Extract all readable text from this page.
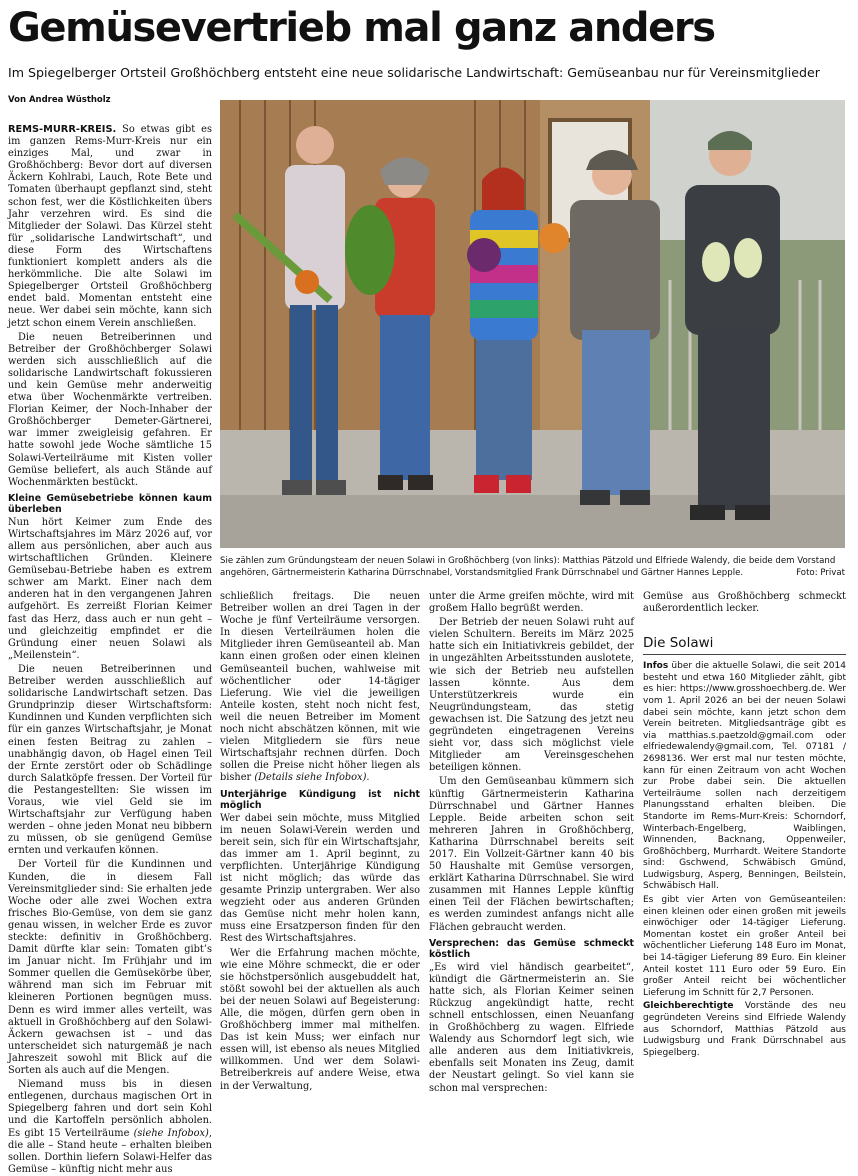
Gemüsevertrieb mal ganz anders

Im Spiegelberger Ortsteil Großhöchberg entsteht eine neue solidarische Landwirtschaft: Gemüseanbau nur für Vereinsmitglieder

Von Andrea Wüstholz

REMS-MURR-KREIS. So etwas gibt es im ganzen Rems-Murr-Kreis nur ein einziges Mal, und zwar in Großhöchberg: Bevor dort auf diversen Äckern Kohlrabi, Lauch, Rote Bete und Tomaten überhaupt gepflanzt sind, steht schon fest, wer die Köstlichkeiten übers Jahr verzehren wird. Es sind die Mitglieder der Solawi. Das Kürzel steht für „solidarische Landwirtschaft“, und diese Form des Wirtschaftens funktioniert komplett anders als die herkömmliche. Die alte Solawi im Spiegelberger Ortsteil Großhöchberg endet bald. Momentan entsteht eine neue. Wer dabei sein möchte, kann sich jetzt schon einem Verein anschließen.

Die neuen Betreiberinnen und Betreiber der Großhöchberger Solawi werden sich ausschließlich auf die solidarische Landwirtschaft fokussieren und kein Gemüse mehr anderweitig etwa über Wochenmärkte vertreiben. Florian Keimer, der Noch-Inhaber der Großhöchberger Demeter-Gärtnerei, war immer zweigleisig gefahren. Er hatte sowohl jede Woche sämtliche 15 Solawi-Verteilräume mit Kisten voller Gemüse beliefert, als auch Stände auf Wochenmärkten bestückt.

Kleine Gemüsebetriebe können kaum überleben

Nun hört Keimer zum Ende des Wirtschaftsjahres im März 2026 auf, vor allem aus persönlichen, aber auch aus wirtschaftlichen Gründen. Kleinere Gemüsebau-Betriebe haben es extrem schwer am Markt. Einer nach dem anderen hat in den vergangenen Jahren aufgehört. Es zerreißt Florian Keimer fast das Herz, dass auch er nun geht – und gleichzeitig empfindet er die Gründung einer neuen Solawi als „Meilenstein“.

Die neuen Betreiberinnen und Betreiber werden ausschließlich auf solidarische Landwirtschaft setzen. Das Grundprinzip dieser Wirtschaftsform: Kundinnen und Kunden verpflichten sich für ein ganzes Wirtschaftsjahr, je Monat einen festen Beitrag zu zahlen – unabhängig davon, ob Hagel einen Teil der Ernte zerstört oder ob Schädlinge durch Salatköpfe fressen. Der Vorteil für die Pestangestellten: Sie wissen im Voraus, wie viel Geld sie im Wirtschaftsjahr zur Verfügung haben werden – ohne jeden Monat neu bibbern zu müssen, ob sie genügend Gemüse ernten und verkaufen können.

Der Vorteil für die Kundinnen und Kunden, die in diesem Fall Vereinsmitglieder sind: Sie erhalten jede Woche oder alle zwei Wochen extra frisches Bio-Gemüse, von dem sie ganz genau wissen, in welcher Erde es zuvor steckte: definitiv in Großhöchberg. Damit dürfte klar sein: Tomaten gibt’s im Januar nicht. Im Frühjahr und im Sommer quellen die Gemüsekörbe über, während man sich im Februar mit kleineren Portionen begnügen muss. Denn es wird immer alles verteilt, was aktuell in Großhöchberg auf den Solawi-Äckern gewachsen ist – und das unterscheidet sich naturgemäß je nach Jahreszeit sowohl mit Blick auf die Sorten als auch auf die Mengen.

Niemand muss bis in diesen entlegenen, durchaus magischen Ort in Spiegelberg fahren und dort sein Kohl und die Kartoffeln persönlich abholen. Es gibt 15 Verteilräume (siehe Infobox), die alle – Stand heute – erhalten bleiben sollen. Dorthin liefern Solawi-Helfer das Gemüse – künftig nicht mehr aus

Sie zählen zum Gründungsteam der neuen Solawi in Großhöchberg (von links): Matthias Pätzold und Elfriede Walendy, die beide dem Vorstand angehören, Gärtnermeisterin Katharina Dürrschnabel, Vorstandsmitglied Frank Dürrschnabel und Gärtner Hannes Lepple.	Foto: Privat

schließlich freitags. Die neuen Betreiber wollen an drei Tagen in der Woche je fünf Verteilräume versorgen. In diesen Verteilräumen holen die Mitglieder ihren Gemüseanteil ab. Man kann einen großen oder einen kleinen Gemüseanteil buchen, wahlweise mit wöchentlicher oder 14-tägiger Lieferung. Wie viel die jeweiligen Anteile kosten, steht noch nicht fest, weil die neuen Betreiber im Moment noch nicht abschätzen können, mit wie vielen Mitgliedern sie fürs neue Wirtschaftsjahr rechnen dürfen. Doch sollen die Preise nicht höher liegen als bisher (Details siehe Infobox).

Unterjährige Kündigung ist nicht möglich

Wer dabei sein möchte, muss Mitglied im neuen Solawi-Verein werden und bereit sein, sich für ein Wirtschaftsjahr, das immer am 1. April beginnt, zu verpflichten. Unterjährige Kündigung ist nicht möglich; das würde das gesamte Prinzip untergraben. Wer also wegzieht oder aus anderen Gründen das Gemüse nicht mehr holen kann, muss eine Ersatzperson finden für den Rest des Wirtschaftsjahres.

Wer die Erfahrung machen möchte, wie eine Möhre schmeckt, die er oder sie höchstpersönlich ausgebuddelt hat, stößt sowohl bei der aktuellen als auch bei der neuen Solawi auf Begeisterung: Alle, die mögen, dürfen gern oben in Großhöchberg immer mal mithelfen. Das ist kein Muss; wer einfach nur essen will, ist ebenso als neues Mitglied willkommen. Und wer dem Solawi-Betreiberkreis auf andere Weise, etwa in der Verwaltung,

unter die Arme greifen möchte, wird mit großem Hallo begrüßt werden.

Der Betrieb der neuen Solawi ruht auf vielen Schultern. Bereits im März 2025 hatte sich ein Initiativkreis gebildet, der in ungezählten Arbeitsstunden auslotete, wie sich der Betrieb neu aufstellen lassen könnte. Aus dem Unterstützerkreis wurde ein Neugründungsteam, das stetig gewachsen ist. Die Satzung des jetzt neu gegründeten eingetragenen Vereins sieht vor, dass sich möglichst viele Mitglieder am Vereinsgeschehen beteiligen können.

Um den Gemüseanbau kümmern sich künftig Gärtnermeisterin Katharina Dürrschnabel und Gärtner Hannes Lepple. Beide arbeiten schon seit mehreren Jahren in Großhöchberg, Katharina Dürrschnabel bereits seit 2017. Ein Vollzeit-Gärtner kann 40 bis 50 Haushalte mit Gemüse versorgen, erklärt Katharina Dürrschnabel. Sie wird zusammen mit Hannes Lepple künftig einen Teil der Flächen bewirtschaften; es werden zumindest anfangs nicht alle Flächen gebraucht werden.

Versprechen: das Gemüse schmeckt köstlich

„Es wird viel händisch gearbeitet“, kündigt die Gärtnermeisterin an. Sie hatte sich, als Florian Keimer seinen Rückzug angekündigt hatte, recht schnell entschlossen, einen Neuanfang in Großhöchberg zu wagen. Elfriede Walendy aus Schorndorf legt sich, wie alle anderen aus dem Initiativkreis, ebenfalls seit Monaten ins Zeug, damit der Neustart gelingt. So viel kann sie schon mal versprechen:

Gemüse aus Großhöchberg schmeckt außerordentlich lecker.

Die Solawi

Infos über die aktuelle Solawi, die seit 2014 besteht und etwa 160 Mitglieder zählt, gibt es hier: https://www.grosshoechberg.de. Wer vom 1. April 2026 an bei der neuen Solawi dabei sein möchte, kann jetzt schon dem Verein beitreten. Mitgliedsanträge gibt es via matthias.s.paetzold@gmail.com oder elfriedewalendy@gmail.com, Tel. 07181 / 2698136. Wer erst mal nur testen möchte, kann für einen Zeitraum von acht Wochen zur Probe dabei sein. Die aktuellen Verteilräume sollen nach derzeitigem Planungsstand erhalten bleiben. Die Standorte im Rems-Murr-Kreis: Schorndorf, Winterbach-Engelberg, Waiblingen, Winnenden, Backnang, Oppenweiler, Großhöchberg, Murrhardt. Weitere Standorte sind: Gschwend, Schwäbisch Gmünd, Ludwigsburg, Asperg, Benningen, Beilstein, Schwäbisch Hall.

Es gibt vier Arten von Gemüseanteilen: einen kleinen oder einen großen mit jeweils einwöchiger oder 14-tägiger Lieferung. Momentan kostet ein großer Anteil bei wöchentlicher Lieferung 148 Euro im Monat, bei 14-tägiger Lieferung 89 Euro. Ein kleiner Anteil kostet 111 Euro oder 59 Euro. Ein großer Anteil reicht bei wöchentlicher Lieferung im Schnitt für 2,7 Personen.

Gleichberechtigte Vorstände des neu gegründeten Vereins sind Elfriede Walendy aus Schorndorf, Matthias Pätzold aus Ludwigsburg und Frank Dürrschnabel aus Spiegelberg.
